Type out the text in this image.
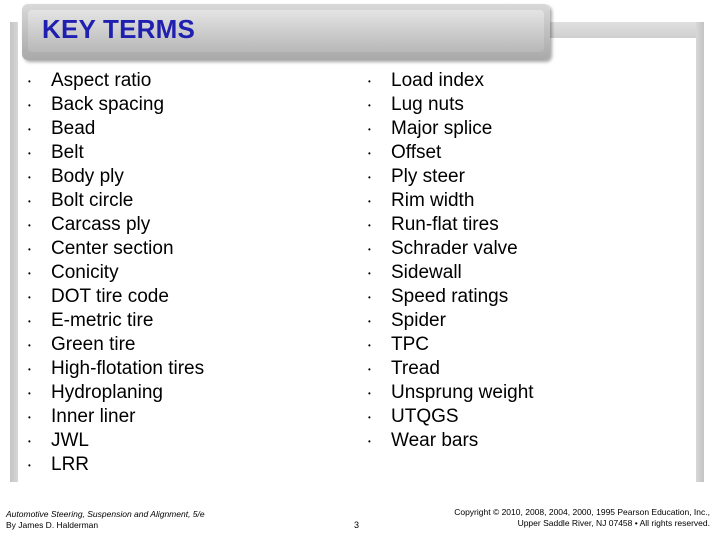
KEY TERMS
•	Aspect ratio
•	Back spacing
•	Bead
•	Belt
•	Body ply
•	Bolt circle
•	Carcass ply
•	Center section
•	Conicity
•	DOT tire code
•	E-metric tire
•	Green tire
•	High-flotation tires
•	Hydroplaning
•	Inner liner
•	JWL
•	LRR
•	Load index
•	Lug nuts
•	Major splice
•	Offset
•	Ply steer
•	Rim width
•	Run-flat tires
•	Schrader valve
•	Sidewall
•	Speed ratings
•	Spider
•	TPC
•	Tread
•	Unsprung weight
•	UTQGS
•	Wear bars
Automotive Steering, Suspension and Alignment, 5/e
By James D. Halderman	3
Copyright © 2010, 2008, 2004, 2000, 1995 Pearson Education, Inc.,
Upper Saddle River, NJ 07458 • All rights reserved.
